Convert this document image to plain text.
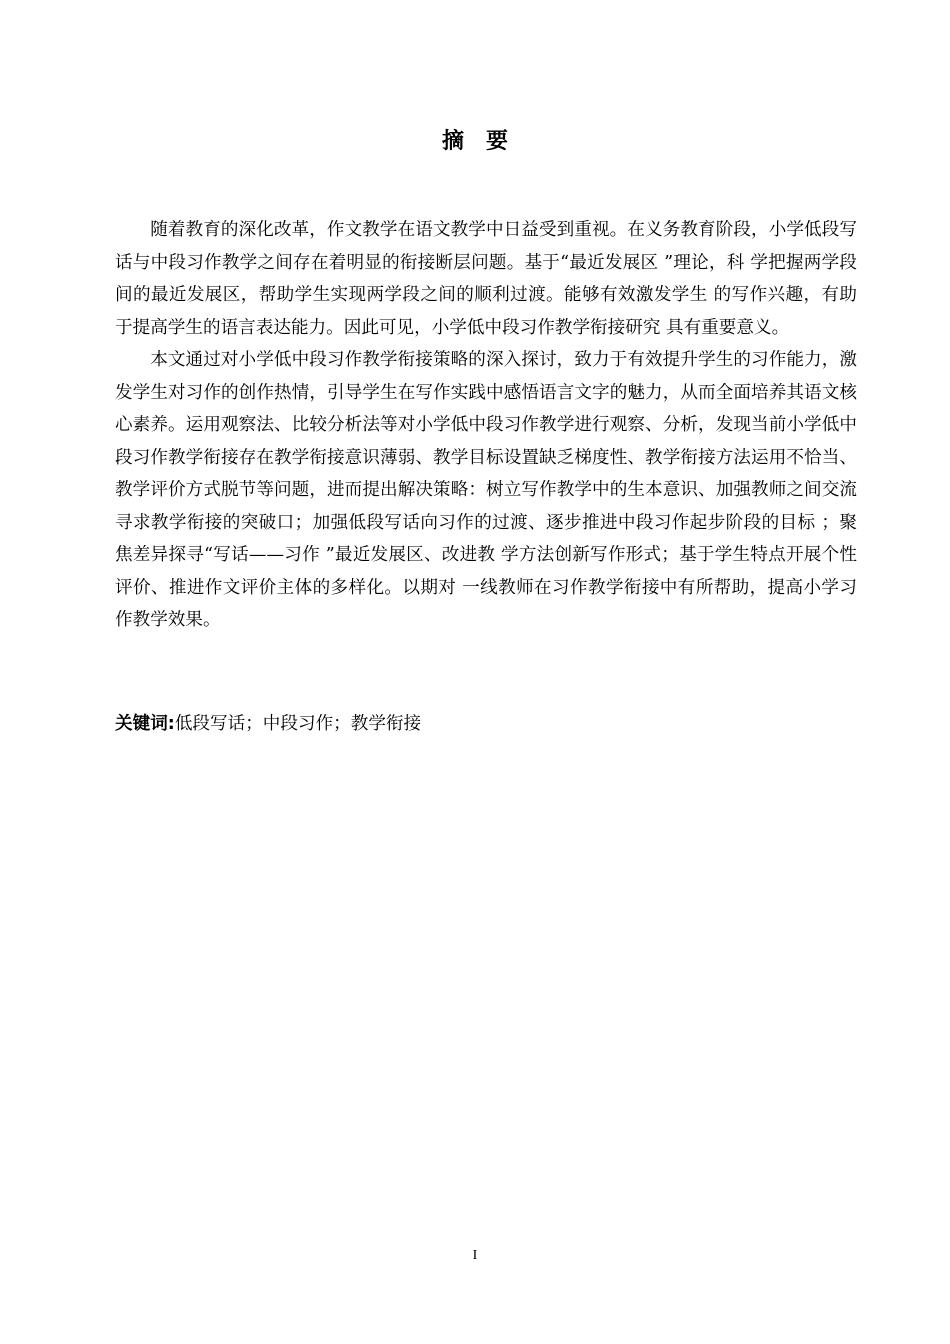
摘要

随着教育的深化改革，作文教学在语文教学中日益受到重视。在义务教育阶段，小学低段写话与中段习作教学之间存在着明显的衔接断层问题。基于“最近发展区 ”理论，科 学把握两学段间的最近发展区，帮助学生实现两学段之间的顺利过渡。能够有效激发学生 的写作兴趣，有助于提高学生的语言表达能力。因此可见，小学低中段习作教学衔接研究 具有重要意义。

本文通过对小学低中段习作教学衔接策略的深入探讨，致力于有效提升学生的习作能力，激发学生对习作的创作热情，引导学生在写作实践中感悟语言文字的魅力，从而全面培养其语文核心素养。运用观察法、比较分析法等对小学低中段习作教学进行观察、分析，发现当前小学低中段习作教学衔接存在教学衔接意识薄弱、教学目标设置缺乏梯度性、教学衔接方法运用不恰当、教学评价方式脱节等问题，进而提出解决策略：树立写作教学中的生本意识、加强教师之间交流寻求教学衔接的突破口；加强低段写话向习作的过渡、逐步推进中段习作起步阶段的目标 ；聚焦差异探寻“写话——习作 ”最近发展区、改进教 学方法创新写作形式；基于学生特点开展个性评价、推进作文评价主体的多样化。以期对 一线教师在习作教学衔接中有所帮助，提高小学习作教学效果。

关键词:低段写话；中段习作；教学衔接
I
